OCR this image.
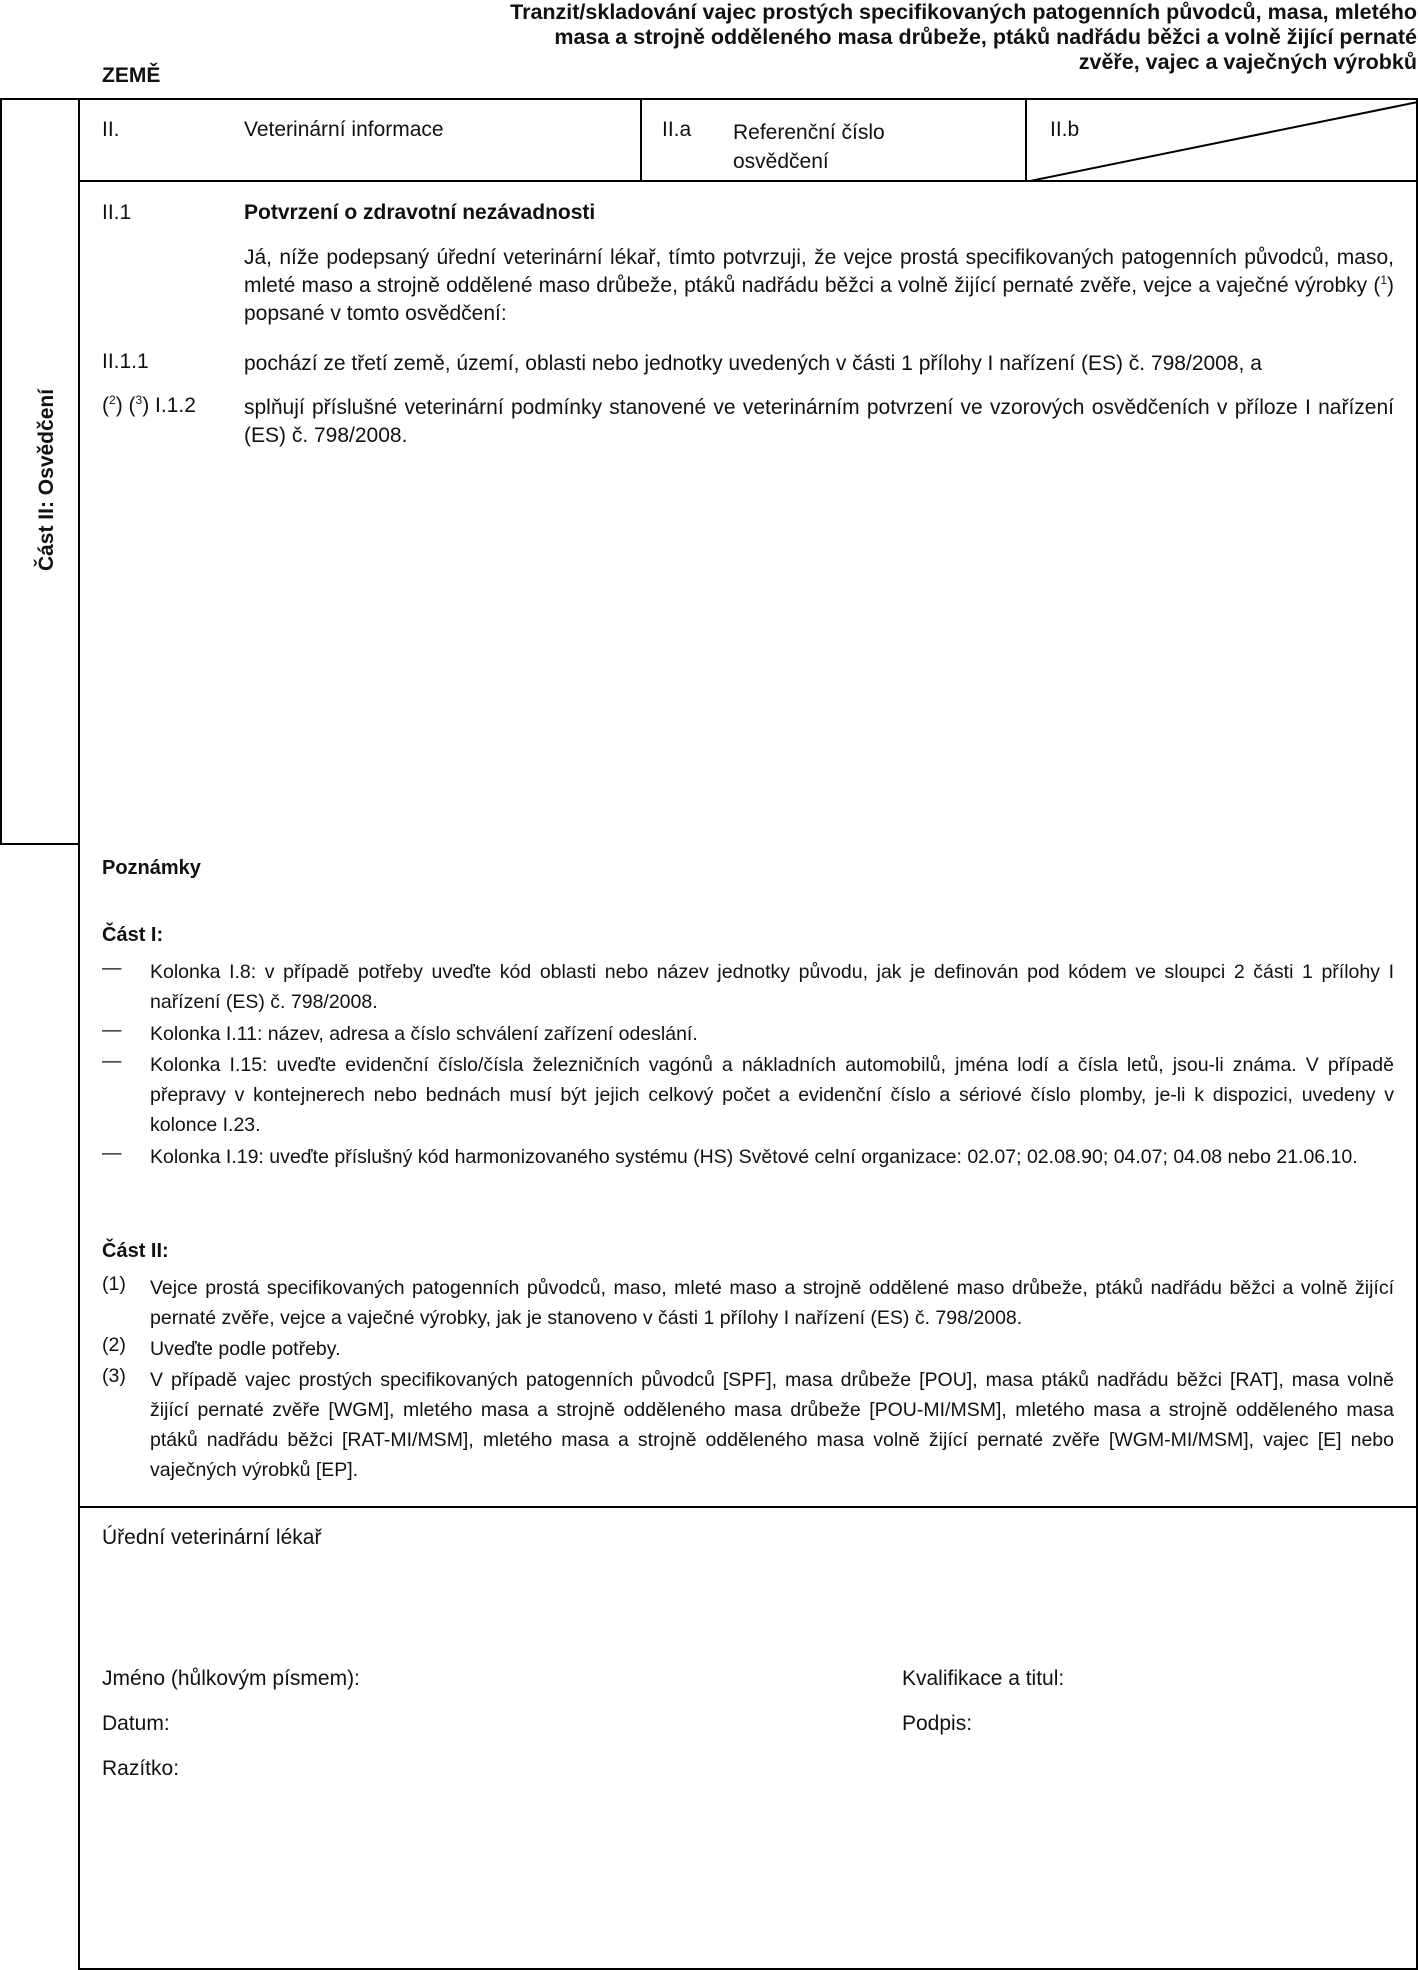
Tranzit/skladování vajec prostých specifikovaných patogenních původců, masa, mletého
masa a strojně odděleného masa drůbeže, ptáků nadřádu běžci a volně žijící pernaté
zvěře, vajec a vaječných výrobků
ZEMĚ
II.	Veterinární informace	II.a Referenční číslo
osvědčení
II.b
Část II: Osvědčení
II.1	Potvrzení o zdravotní nezávadnosti

Já, níže podepsaný úřední veterinární lékař, tímto potvrzuji, že vejce prostá specifikovaných patogenních původců, maso, mleté maso a strojně oddělené maso drůbeže, ptáků nadřádu běžci a volně žijící pernaté zvěře, vejce a vaječné výrobky ($^1$) popsané v tomto osvědčení:

II.1.1	pochází ze třetí země, území, oblasti nebo jednotky uvedených v části 1 přílohy I nařízení (ES) č. 798/2008, a

($^2$) ($^3$) I.1.2 splňují příslušné veterinární podmínky stanovené ve veterinárním potvrzení ve vzorových osvědčeních v příloze I nařízení (ES) č. 798/2008.

Poznámky
Část I:
— Kolonka I.8: v případě potřeby uveďte kód oblasti nebo název jednotky původu, jak je definován pod kódem ve sloupci 2 části 1 přílohy I nařízení (ES) č. 798/2008.

— Kolonka I.11: název, adresa a číslo schválení zařízení odeslání.

— Kolonka I.15: uveďte evidenční číslo/čísla železničních vagónů a nákladních automobilů, jména lodí a čísla letů, jsou-li známa. V případě přepravy v kontejnerech nebo bednách musí být jejich celkový počet a evidenční číslo a sériové číslo plomby, je-li k dispozici, uvedeny v kolonce I.23.

— Kolonka I.19: uveďte příslušný kód harmonizovaného systému (HS) Světové celní organizace: 02.07; 02.08.90; 04.07; 04.08 nebo 21.06.10.

Část II:
(1) Vejce prostá specifikovaných patogenních původců, maso, mleté maso a strojně oddělené maso drůbeže, ptáků nadřádu běžci a volně žijící pernaté zvěře, vejce a vaječné výrobky, jak je stanoveno v části 1 přílohy I nařízení (ES) č. 798/2008.

(2) Uveďte podle potřeby.

(3) V případě vajec prostých specifikovaných patogenních původců [SPF], masa drůbeže [POU], masa ptáků nadřádu běžci [RAT], masa volně žijící pernaté zvěře [WGM], mletého masa a strojně odděleného masa drůbeže [POU-MI/MSM], mletého masa a strojně odděleného masa ptáků nadřádu běžci [RAT-MI/MSM], mletého masa a strojně odděleného masa volně žijící pernaté zvěře [WGM-MI/MSM], vajec [E] nebo vaječných výrobků [EP].

Úřední veterinární lékař
Jméno (hůlkovým písmem):	Kvalifikace a titul:
Datum:	Podpis:
Razítko:
